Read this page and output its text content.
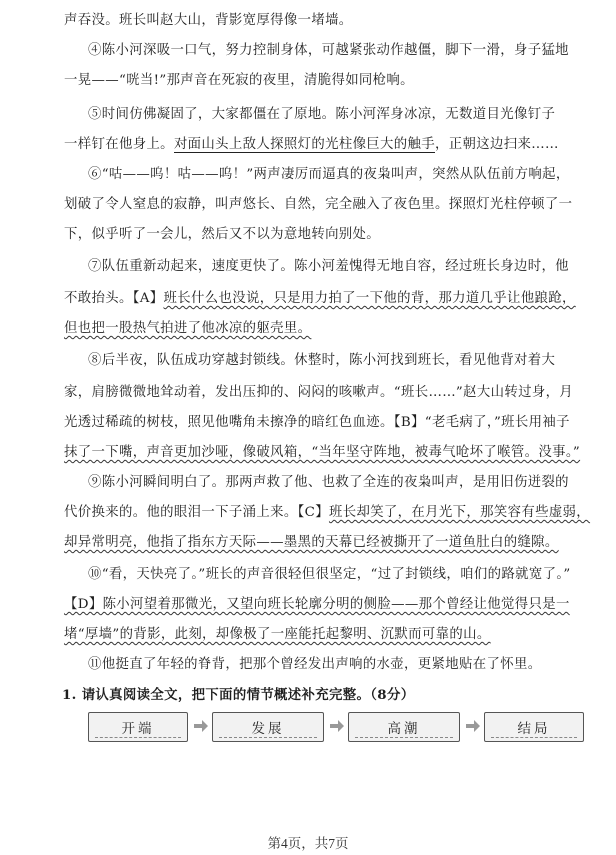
声吞没。班长叫赵大山，背影宽厚得像一堵墙。
④陈小河深吸一口气，努力控制身体，可越紧张动作越僵，脚下一滑，身子猛地
一晃——“咣当!”那声音在死寂的夜里，清脆得如同枪响。
⑤时间仿佛凝固了，大家都僵在了原地。陈小河浑身冰凉，无数道目光像钉子
一样钉在他身上。对面山头上敌人探照灯的光柱像巨大的触手，正朝这边扫来……
⑥“咕——呜！咕——呜！”两声凄厉而逼真的夜枭叫声，突然从队伍前方响起，
划破了令人窒息的寂静，叫声悠长、自然，完全融入了夜色里。探照灯光柱停顿了一
下，似乎听了一会儿，然后又不以为意地转向别处。
⑦队伍重新动起来，速度更快了。陈小河羞愧得无地自容，经过班长身边时，他
不敢抬头。【A】班长什么也没说，只是用力拍了一下他的背，那力道几乎让他踉跄，
但也把一股热气拍进了他冰凉的躯壳里。
⑧后半夜，队伍成功穿越封锁线。休整时，陈小河找到班长，看见他背对着大
家，肩膀微微地耸动着，发出压抑的、闷闷的咳嗽声。“班长……”赵大山转过身，月
光透过稀疏的树枝，照见他嘴角未擦净的暗红色血迹。【B】“老毛病了，”班长用袖子
抹了一下嘴，声音更加沙哑，像破风箱，“当年坚守阵地，被毒气呛坏了喉管。没事。”
⑨陈小河瞬间明白了。那两声救了他、也救了全连的夜枭叫声，是用旧伤迸裂的
代价换来的。他的眼泪一下子涌上来。【C】班长却笑了，在月光下，那笑容有些虚弱，
却异常明亮，他指了指东方天际——墨黑的天幕已经被撕开了一道鱼肚白的缝隙。
⑩“看，天快亮了。”班长的声音很轻但很坚定，“过了封锁线，咱们的路就宽了。”
【D】陈小河望着那微光，又望向班长轮廓分明的侧脸——那个曾经让他觉得只是一
堵“厚墙”的背影，此刻，却像极了一座能托起黎明、沉默而可靠的山。
⑪他挺直了年轻的脊背，把那个曾经发出声响的水壶，更紧地贴在了怀里。
1. 请认真阅读全文，把下面的情节概述补充完整。（8分）
开端	发展	高潮	结局
第4页，共7页
